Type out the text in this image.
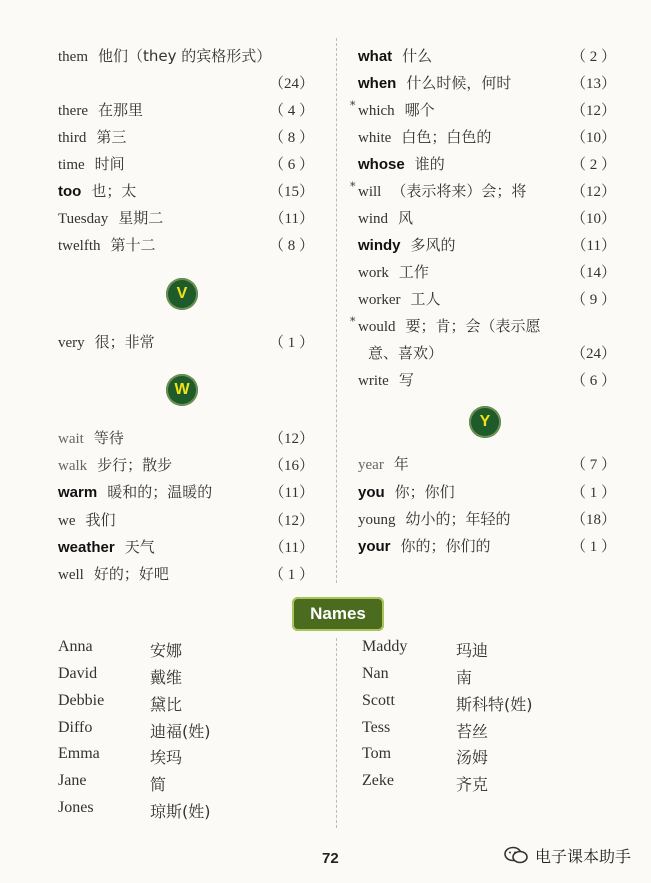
them 他们（they 的宾格形式）
（24）
there 在那里	（ 4 ）
third 第三	（ 8 ）
time 时间	（ 6 ）
too 也；太	（15）
Tuesday 星期二	（11）
twelfth 第十二	（ 8 ）
V
very 很；非常	（ 1 ）
W
wait 等待	（12）
walk 步行；散步	（16）
warm 暖和的；温暖的	（11）
we 我们	（12）
weather 天气	（11）
well 好的；好吧	（ 1 ）
what 什么	（ 2 ）
when 什么时候，何时	（13）
* which 哪个	（12）
white 白色；白色的	（10）
whose 谁的	（ 2 ）
* will （表示将来）会；将	（12）
wind 风	（10）
windy 多风的	（11）
work 工作	（14）
worker 工人	（ 9 ）
* would 要；肯；会（表示愿
意、喜欢）	（24）
write 写	（ 6 ）
Y
year 年	（ 7 ）
you 你；你们	（ 1 ）
young 幼小的；年轻的	（18）
your 你的；你们的	（ 1 ）
Names
Anna	安娜
David	戴维
Debbie	黛比
Diffo	迪福(姓)
Emma	埃玛
Jane	简
Jones	琼斯(姓)
Maddy	玛迪
Nan	南
Scott	斯科特(姓)
Tess	苔丝
Tom	汤姆
Zeke	齐克
72	电子课本助手
